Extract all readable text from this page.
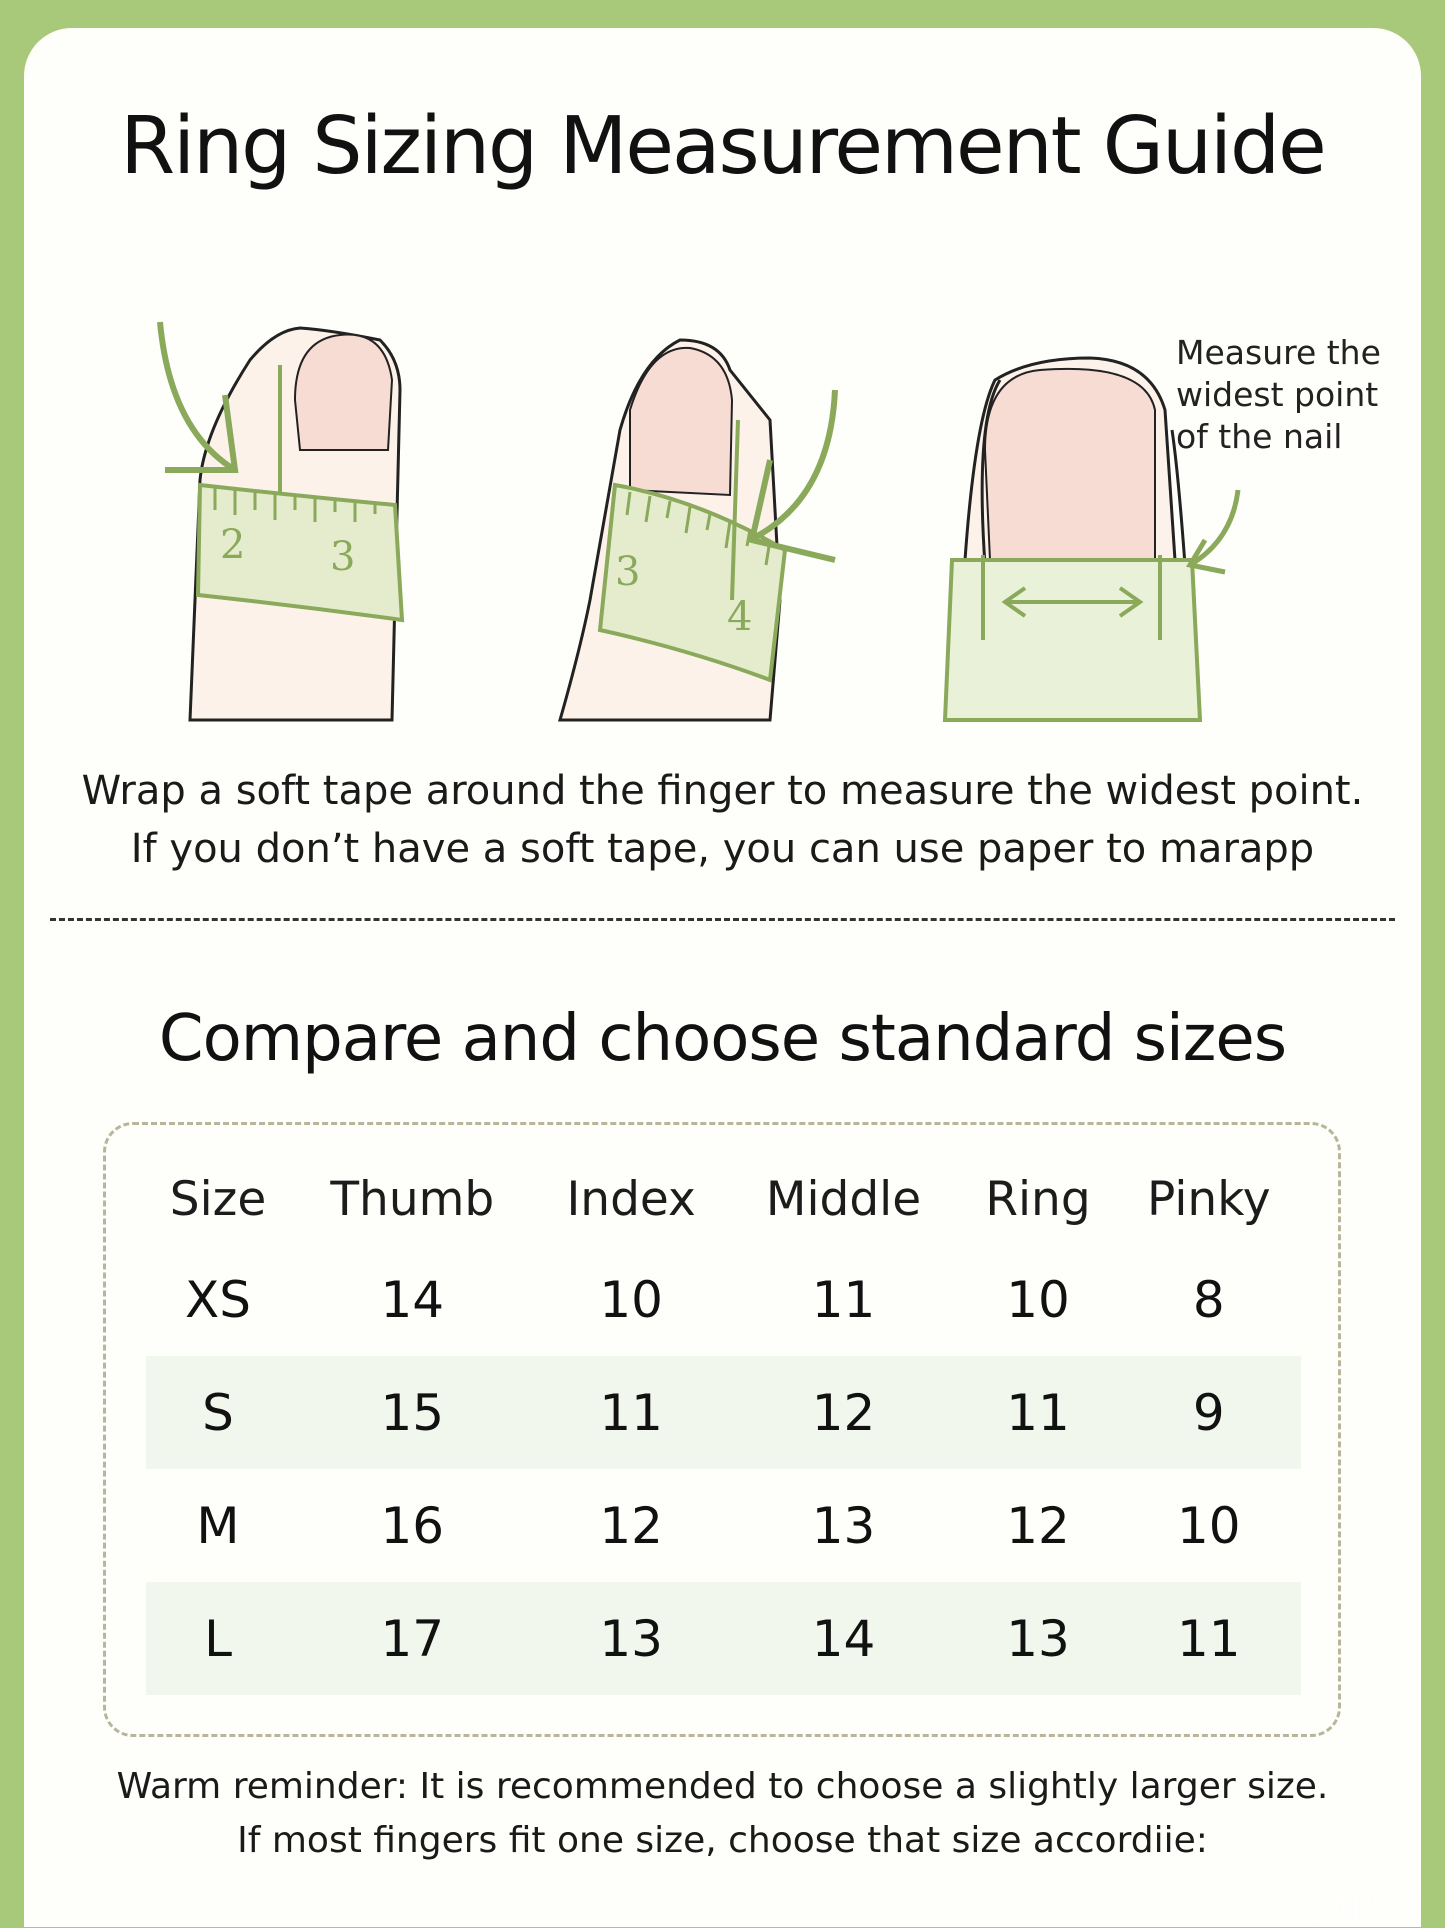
Ring Sizing Measurement Guide
2 3	3
4
Measure the
widest point
of the nail
Wrap a soft tape around the finger to measure the widest point.
If you don’t have a soft tape, you can use paper to marapp
Compare and choose standard sizes
Size	Thumb	Index	Middle	Ring	Pinky
XS	14	10	11	10	8
S	15	11	12	11	9
M	16	12	13	12	10
L	17	13	14	13	11
Warm reminder: It is recommended to choose a slightly larger size.
If most fingers fit one size, choose that size accordiie:
豆包AI生成
